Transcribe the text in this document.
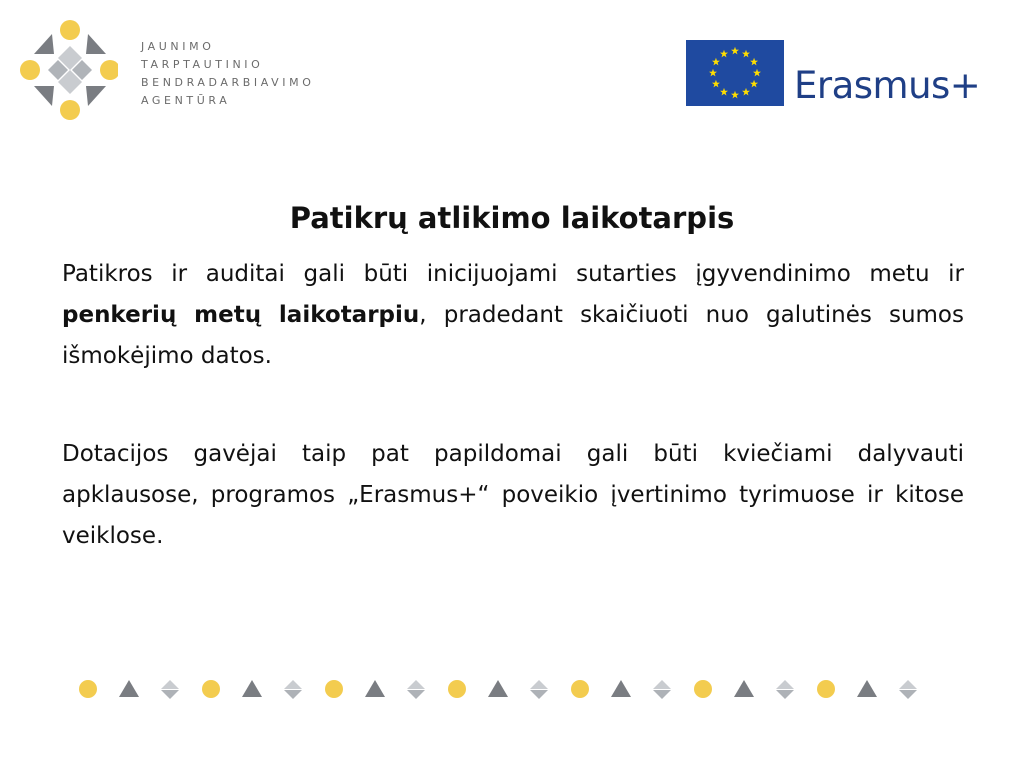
JAUNIMO
TARPTAUTINIO
BENDRADARBIAVIMO
AGENTŪRA	Erasmus+
Patikrų atlikimo laikotarpis

Patikros ir auditai gali būti inicijuojami sutarties įgyvendinimo metu ir penkerių metų laikotarpiu, pradedant skaičiuoti nuo galutinės sumos išmokėjimo datos.

Dotacijos gavėjai taip pat papildomai gali būti kviečiami dalyvauti apklausose, programos „Erasmus+“ poveikio įvertinimo tyrimuose ir kitose veiklose.
